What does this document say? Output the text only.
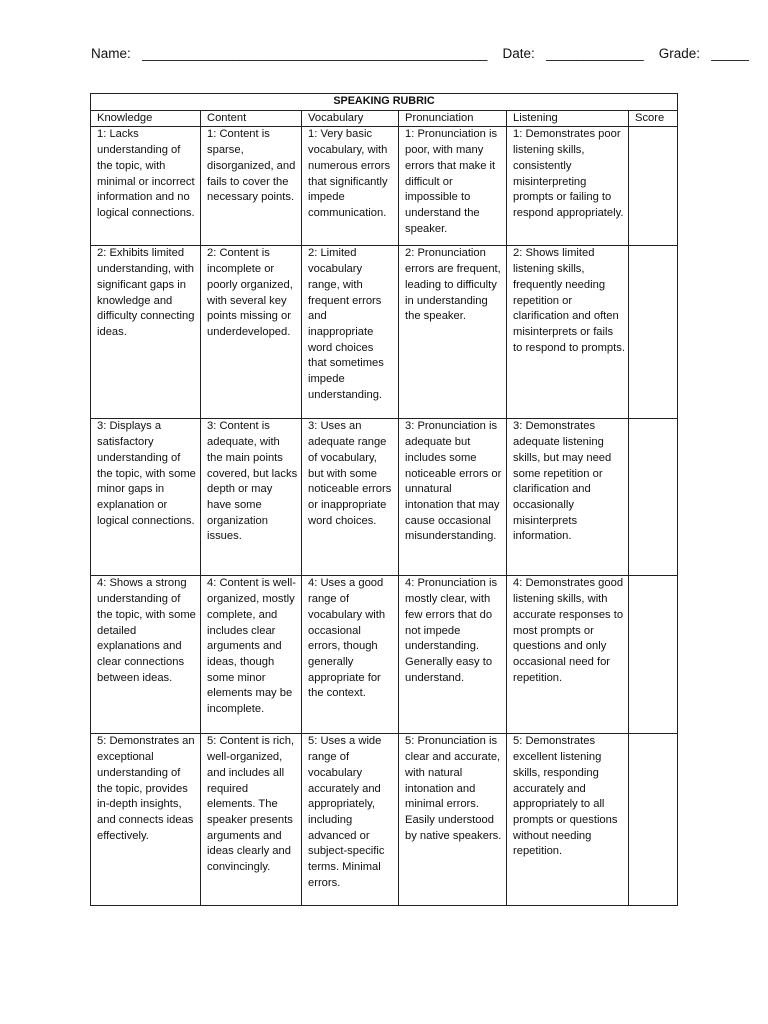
Name: ______________________________________________ Date: _____________ Grade: _____
SPEAKING RUBRIC					
Knowledge	Content	Vocabulary	Pronunciation	Listening	Score
1: Lacks understanding of the topic, with minimal or incorrect information and no logical connections.	1: Content is sparse, disorganized, and fails to cover the necessary points.	1: Very basic vocabulary, with numerous errors that significantly impede communication.	1: Pronunciation is poor, with many errors that make it difficult or impossible to understand the speaker.	1: Demonstrates poor listening skills, consistently misinterpreting prompts or failing to respond appropriately.	
2: Exhibits limited understanding, with significant gaps in knowledge and difficulty connecting ideas.	2: Content is incomplete or poorly organized, with several key points missing or underdeveloped.	2: Limited vocabulary range, with frequent errors and inappropriate word choices that sometimes impede understanding.	2: Pronunciation errors are frequent, leading to difficulty in understanding the speaker.	2: Shows limited listening skills, frequently needing repetition or clarification and often misinterprets or fails to respond to prompts.	
3: Displays a satisfactory understanding of the topic, with some minor gaps in explanation or logical connections.	3: Content is adequate, with the main points covered, but lacks depth or may have some organization issues.	3: Uses an adequate range of vocabulary, but with some noticeable errors or inappropriate word choices.	3: Pronunciation is adequate but includes some noticeable errors or unnatural intonation that may cause occasional misunderstanding.	3: Demonstrates adequate listening skills, but may need some repetition or clarification and occasionally misinterprets information.	
4: Shows a strong understanding of the topic, with some detailed explanations and clear connections between ideas.	4: Content is well-organized, mostly complete, and includes clear arguments and ideas, though some minor elements may be incomplete.	4: Uses a good range of vocabulary with occasional errors, though generally appropriate for the context.	4: Pronunciation is mostly clear, with few errors that do not impede understanding. Generally easy to understand.	4: Demonstrates good listening skills, with accurate responses to most prompts or questions and only occasional need for repetition.	
5: Demonstrates an exceptional understanding of the topic, provides in-depth insights, and connects ideas effectively.	5: Content is rich, well-organized, and includes all required elements. The speaker presents arguments and ideas clearly and convincingly.	5: Uses a wide range of vocabulary accurately and appropriately, including advanced or subject-specific terms. Minimal errors.	5: Pronunciation is clear and accurate, with natural intonation and minimal errors. Easily understood by native speakers.	5: Demonstrates excellent listening skills, responding accurately and appropriately to all prompts or questions without needing repetition.	
